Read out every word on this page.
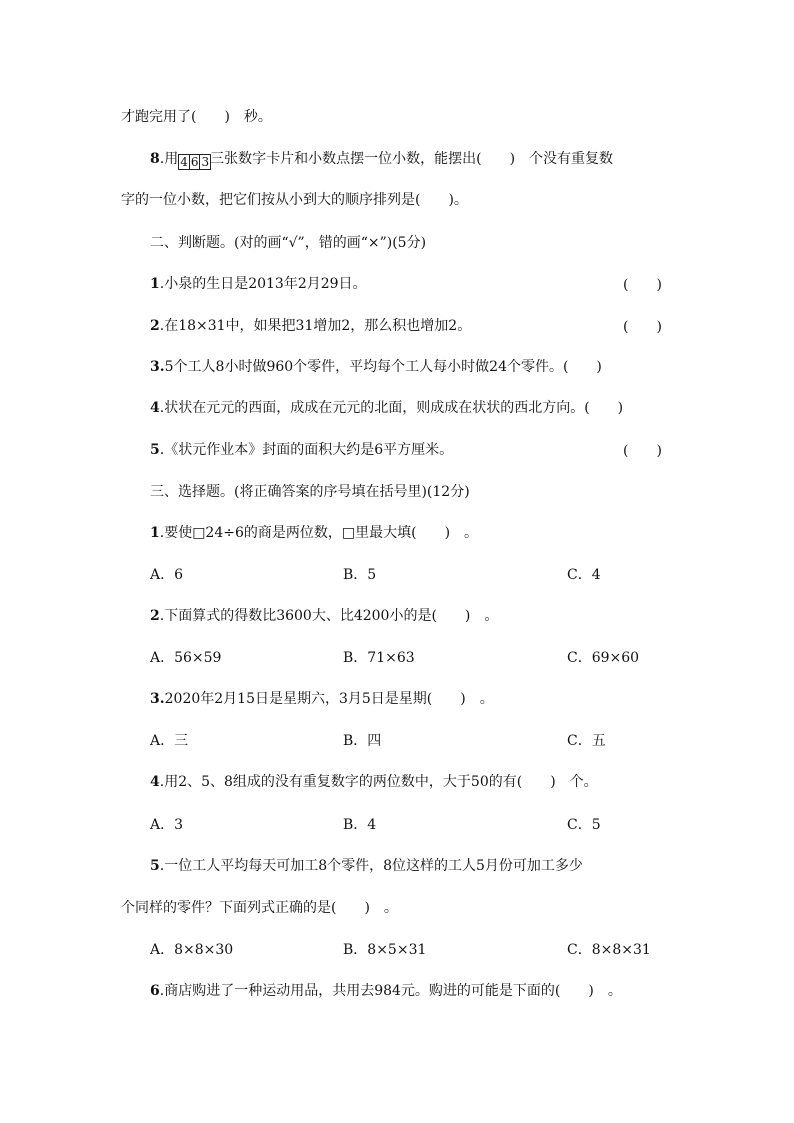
才跑完用了(　　)　秒。
8.用 4 6 3三张数字卡片和小数点摆一位小数，能摆出(　　)　个没有重复数
字的一位小数，把它们按从小到大的顺序排列是(　　)。
二、判断题。(对的画“√”，错的画“×”)(5分)
1.小泉的生日是2013年2月29日。	(　　)
2.在18×31中，如果把31增加2，那么积也增加2。	(　　)
3.5个工人8小时做960个零件，平均每个工人每小时做24个零件。(　　)
4.状状在元元的西面，成成在元元的北面，则成成在状状的西北方向。(　　)
5.《状元作业本》封面的面积大约是6平方厘米。	(　　)
三、选择题。(将正确答案的序号填在括号里)(12分)
1.要使□24÷6的商是两位数，□里最大填(　　)　。
A．6	B．5	C．4
2.下面算式的得数比3600大、比4200小的是(　　)　。
A．56×59	B．71×63	C．69×60
3.2020年2月15日是星期六，3月5日是星期(　　)　。
A．三	B．四	C．五
4.用2、5、8组成的没有重复数字的两位数中，大于50的有(　　)　个。
A．3	B．4	C．5
5.一位工人平均每天可加工8个零件，8位这样的工人5月份可加工多少
个同样的零件？下面列式正确的是(　　)　。
A．8×8×30	B．8×5×31	C．8×8×31
6.商店购进了一种运动用品，共用去984元。购进的可能是下面的(　　)　。
